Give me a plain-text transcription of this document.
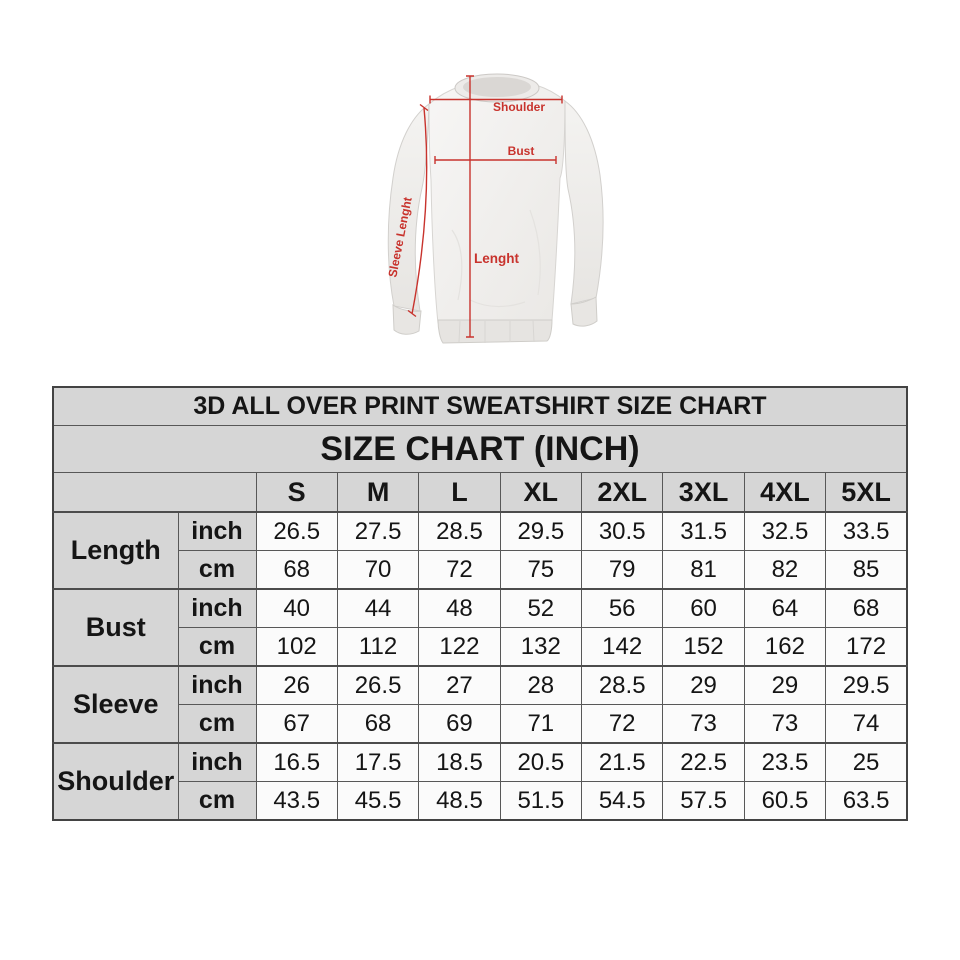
Shoulder
Bust
Lenght
Sleeve Lenght
3D ALL OVER PRINT SWEATSHIRT SIZE CHART									
SIZE CHART (INCH)									
		S	M	L	XL	2XL	3XL	4XL	5XL
Length	inch	26.5	27.5	28.5	29.5	30.5	31.5	32.5	33.5
	cm	68	70	72	75	79	81	82	85
Bust	inch	40	44	48	52	56	60	64	68
	cm	102	112	122	132	142	152	162	172
Sleeve	inch	26	26.5	27	28	28.5	29	29	29.5
	cm	67	68	69	71	72	73	73	74
Shoulder	inch	16.5	17.5	18.5	20.5	21.5	22.5	23.5	25
	cm	43.5	45.5	48.5	51.5	54.5	57.5	60.5	63.5
